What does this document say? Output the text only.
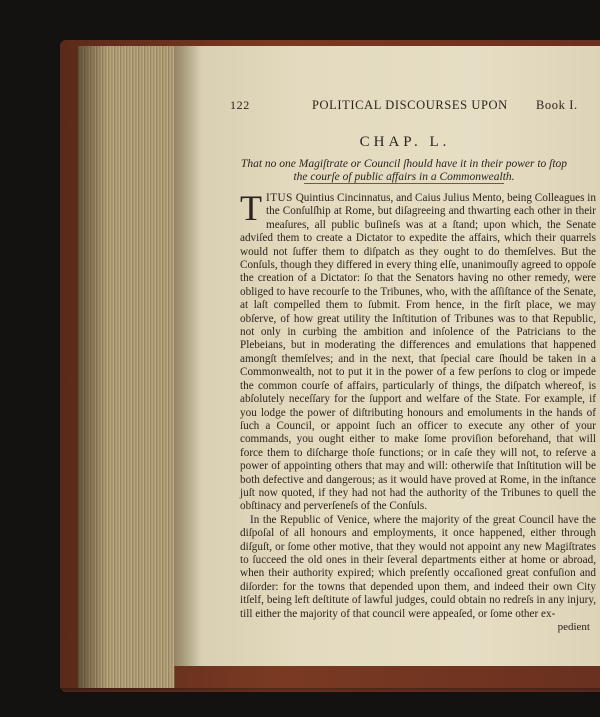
122	POLITICAL DISCOURSES UPON Book I.
CHAP. L.
That no one Magiſtrate or Council ſhould have it in their power to ſtop the courſe of public affairs in a Commonwealth.

TITUS Quintius Cincinnatus, and Caius Julius Mento, being Colleagues in the Conſulſhip at Rome, but diſagreeing and thwarting each other in their meaſures, all public buſineſs was at a ſtand; upon which, the Senate adviſed them to create a Dictator to expedite the affairs, which their quarrels would not ſuffer them to diſpatch as they ought to do themſelves. But the Conſuls, though they differed in every thing elſe, unanimouſly agreed to oppoſe the creation of a Dictator: ſo that the Senators having no other remedy, were obliged to have recourſe to the Tribunes, who, with the aſſiſtance of the Senate, at laſt compelled them to ſubmit. From hence, in the firſt place, we may obſerve, of how great utility the Inſtitution of Tribunes was to that Republic, not only in curbing the ambition and inſolence of the Patricians to the Plebeians, but in moderating the differences and emulations that happened amongſt themſelves; and in the next, that ſpecial care ſhould be taken in a Commonwealth, not to put it in the power of a few perſons to clog or impede the common courſe of affairs, particularly of things, the diſpatch whereof, is abſolutely neceſſary for the ſupport and welfare of the State. For example, if you lodge the power of diſtributing honours and emoluments in the hands of ſuch a Council, or appoint ſuch an officer to execute any other of your commands, you ought either to make ſome proviſion beforehand, that will force them to diſcharge thoſe functions; or in caſe they will not, to reſerve a power of appointing others that may and will: otherwiſe that Inſtitution will be both defective and dangerous; as it would have proved at Rome, in the inſtance juſt now quoted, if they had not had the authority of the Tribunes to quell the obſtinacy and perverſeneſs of the Conſuls.

In the Republic of Venice, where the majority of the great Council have the diſpoſal of all honours and employments, it once happened, either through diſguſt, or ſome other motive, that they would not appoint any new Magiſtrates to ſucceed the old ones in their ſeveral departments either at home or abroad, when their authority expired; which preſently occaſioned great confuſion and diſorder: for the towns that depended upon them, and indeed their own City itſelf, being left deſtitute of lawful judges, could obtain no redreſs in any injury, till either the majority of that council were appeaſed, or ſome other ex-

pedient
